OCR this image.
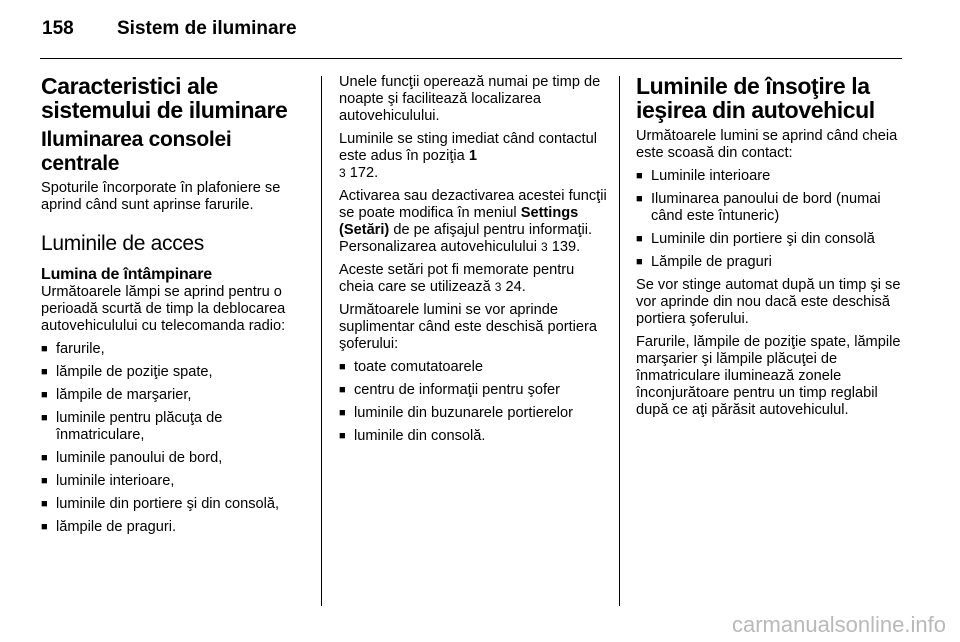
158	Sistem de iluminare
Caracteristici ale
sistemului de iluminare
Iluminarea consolei
centrale

Spoturile încorporate în plafoniere se aprind când sunt aprinse farurile.

Luminile de acces
Lumina de întâmpinare

Următoarele lămpi se aprind pentru o perioadă scurtă de timp la deblocarea autovehiculului cu telecomanda radio:

■ farurile,
■ lămpile de poziţie spate,
■ lămpile de marşarier,
■ luminile pentru plăcuţa de înmatriculare,
■ luminile panoului de bord,
■ luminile interioare,
■ luminile din portiere şi din consolă,
■ lămpile de praguri.

Unele funcţii operează numai pe timp de noapte şi facilitează localizarea autovehiculului.

Luminile se sting imediat când contactul este adus în poziţia 1
3 172.

Activarea sau dezactivarea acestei funcţii se poate modifica în meniul Settings (Setări) de pe afişajul pentru informaţii. Personalizarea autovehiculului 3 139.

Aceste setări pot fi memorate pentru cheia care se utilizează 3 24.

Următoarele lumini se vor aprinde suplimentar când este deschisă portiera şoferului:

■ toate comutatoarele
■ centru de informaţii pentru şofer
■ luminile din buzunarele portierelor
■ luminile din consolă.
Luminile de însoţire la
ieşirea din autovehicul

Următoarele lumini se aprind când cheia este scoasă din contact:

■ Luminile interioare
■ Iluminarea panoului de bord (numai când este întuneric)
■ Luminile din portiere şi din consolă
■ Lămpile de praguri

Se vor stinge automat după un timp şi se vor aprinde din nou dacă este deschisă portiera şoferului.

Farurile, lămpile de poziţie spate, lămpile marşarier şi lămpile plăcuţei de înmatriculare iluminează zonele înconjurătoare pentru un timp reglabil după ce aţi părăsit autovehiculul.

carmanualsonline.info
